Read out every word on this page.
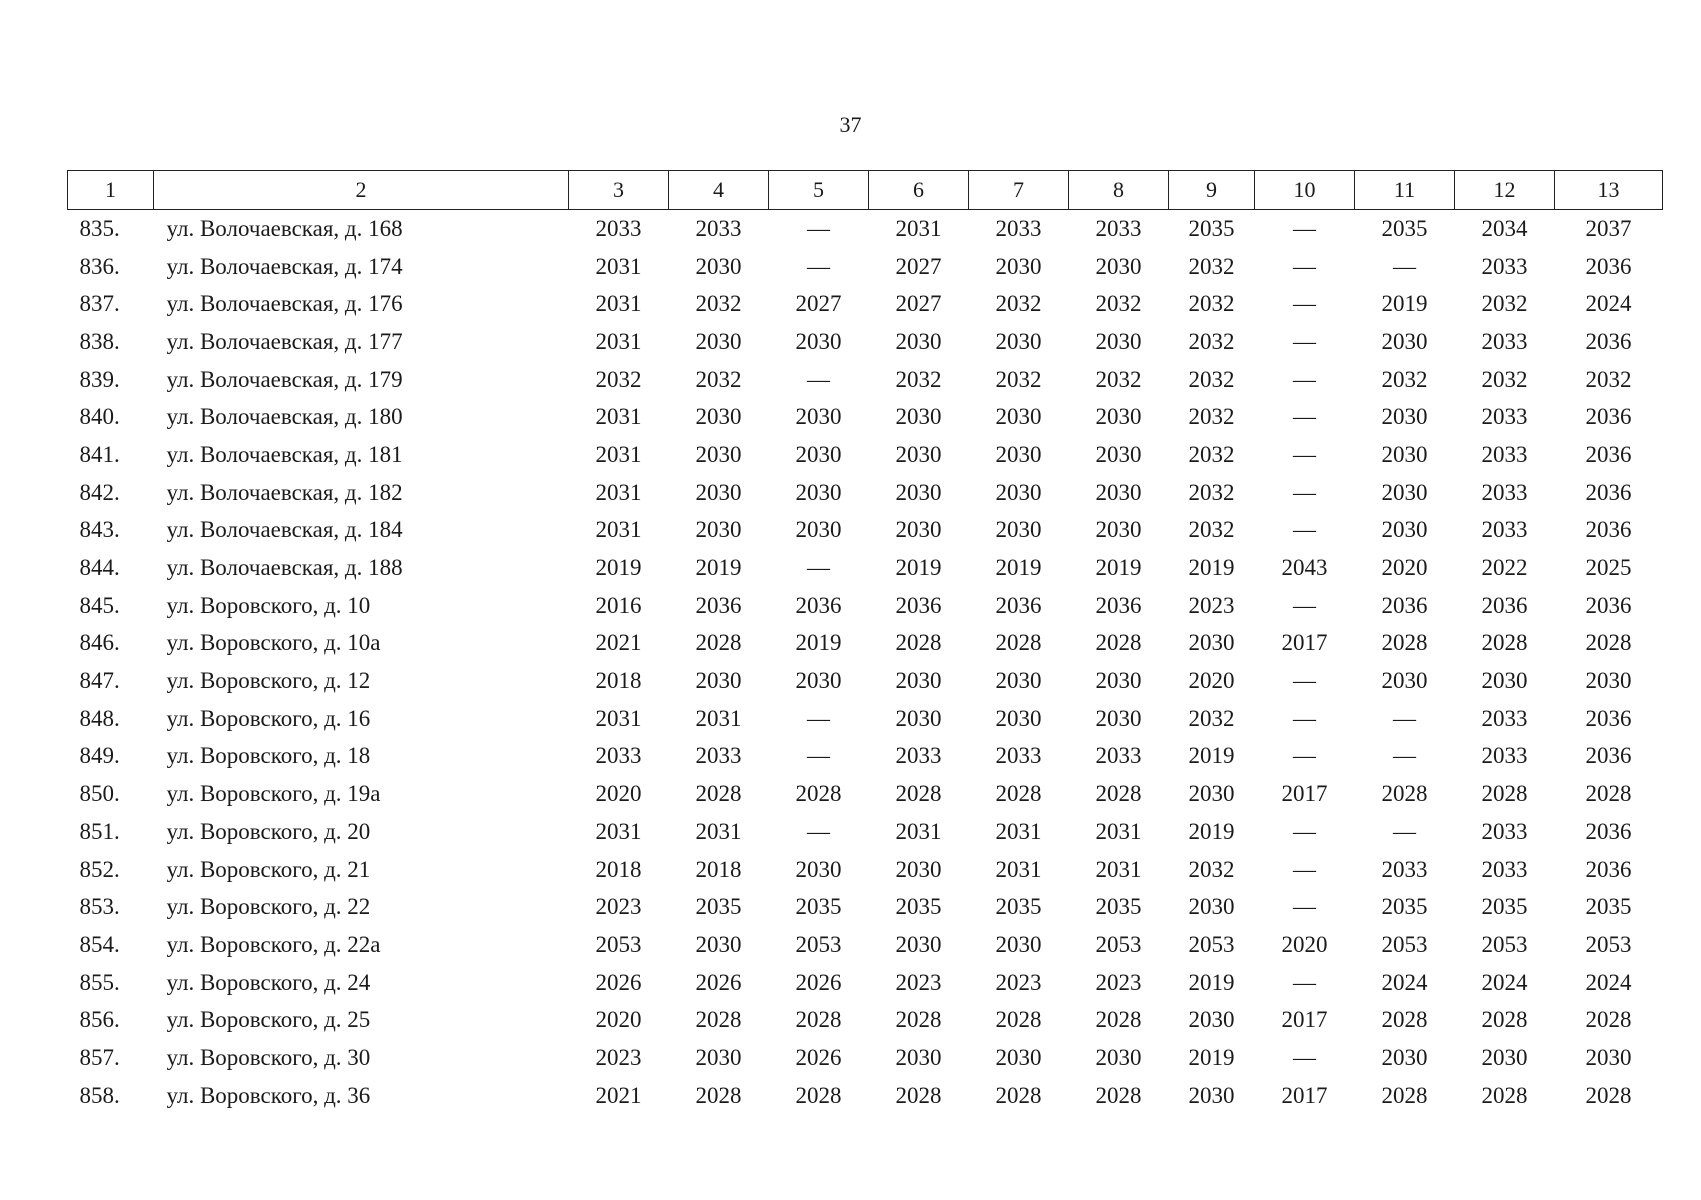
37
1	2	3	4	5	6	7	8	9	10	11	12	13
835.	ул. Волочаевская, д. 168	2033	2033	—	2031	2033	2033	2035	—	2035	2034	2037
836.	ул. Волочаевская, д. 174	2031	2030	—	2027	2030	2030	2032	—	—	2033	2036
837.	ул. Волочаевская, д. 176	2031	2032	2027	2027	2032	2032	2032	—	2019	2032	2024
838.	ул. Волочаевская, д. 177	2031	2030	2030	2030	2030	2030	2032	—	2030	2033	2036
839.	ул. Волочаевская, д. 179	2032	2032	—	2032	2032	2032	2032	—	2032	2032	2032
840.	ул. Волочаевская, д. 180	2031	2030	2030	2030	2030	2030	2032	—	2030	2033	2036
841.	ул. Волочаевская, д. 181	2031	2030	2030	2030	2030	2030	2032	—	2030	2033	2036
842.	ул. Волочаевская, д. 182	2031	2030	2030	2030	2030	2030	2032	—	2030	2033	2036
843.	ул. Волочаевская, д. 184	2031	2030	2030	2030	2030	2030	2032	—	2030	2033	2036
844.	ул. Волочаевская, д. 188	2019	2019	—	2019	2019	2019	2019	2043	2020	2022	2025
845.	ул. Воровского, д. 10	2016	2036	2036	2036	2036	2036	2023	—	2036	2036	2036
846.	ул. Воровского, д. 10а	2021	2028	2019	2028	2028	2028	2030	2017	2028	2028	2028
847.	ул. Воровского, д. 12	2018	2030	2030	2030	2030	2030	2020	—	2030	2030	2030
848.	ул. Воровского, д. 16	2031	2031	—	2030	2030	2030	2032	—	—	2033	2036
849.	ул. Воровского, д. 18	2033	2033	—	2033	2033	2033	2019	—	—	2033	2036
850.	ул. Воровского, д. 19а	2020	2028	2028	2028	2028	2028	2030	2017	2028	2028	2028
851.	ул. Воровского, д. 20	2031	2031	—	2031	2031	2031	2019	—	—	2033	2036
852.	ул. Воровского, д. 21	2018	2018	2030	2030	2031	2031	2032	—	2033	2033	2036
853.	ул. Воровского, д. 22	2023	2035	2035	2035	2035	2035	2030	—	2035	2035	2035
854.	ул. Воровского, д. 22а	2053	2030	2053	2030	2030	2053	2053	2020	2053	2053	2053
855.	ул. Воровского, д. 24	2026	2026	2026	2023	2023	2023	2019	—	2024	2024	2024
856.	ул. Воровского, д. 25	2020	2028	2028	2028	2028	2028	2030	2017	2028	2028	2028
857.	ул. Воровского, д. 30	2023	2030	2026	2030	2030	2030	2019	—	2030	2030	2030
858.	ул. Воровского, д. 36	2021	2028	2028	2028	2028	2028	2030	2017	2028	2028	2028
